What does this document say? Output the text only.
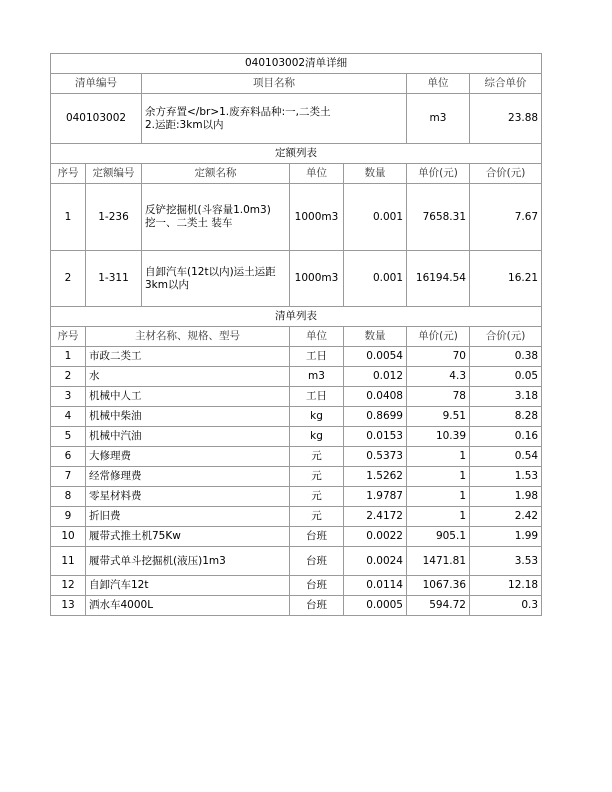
040103002清单详细						
清单编号		项目名称			单位	综合单价
040103002		余方弃置</br>1.废弃料品种:一,二类土
2.运距:3km以内			m3	23.88
定额列表						
序号	定额编号	定额名称	单位	数量	单价(元)	合价(元)
1	1-236	反铲挖掘机(斗容量1.0m3)
挖一、二类土 装车	1000m3	0.001	7658.31	7.67
2	1-311	自卸汽车(12t以内)运土运距
3km以内	1000m3	0.001	16194.54	16.21
清单列表						
序号	主材名称、规格、型号		单位	数量	单价(元)	合价(元)
1	市政二类工		工日	0.0054	70	0.38
2	水		m3	0.012	4.3	0.05
3	机械中人工		工日	0.0408	78	3.18
4	机械中柴油		kg	0.8699	9.51	8.28
5	机械中汽油		kg	0.0153	10.39	0.16
6	大修理费		元	0.5373	1	0.54
7	经常修理费		元	1.5262	1	1.53
8	零星材料费		元	1.9787	1	1.98
9	折旧费		元	2.4172	1	2.42
10	履带式推土机75Kw		台班	0.0022	905.1	1.99
11	履带式单斗挖掘机(液压)1m3		台班	0.0024	1471.81	3.53
12	自卸汽车12t		台班	0.0114	1067.36	12.18
13	洒水车4000L		台班	0.0005	594.72	0.3
